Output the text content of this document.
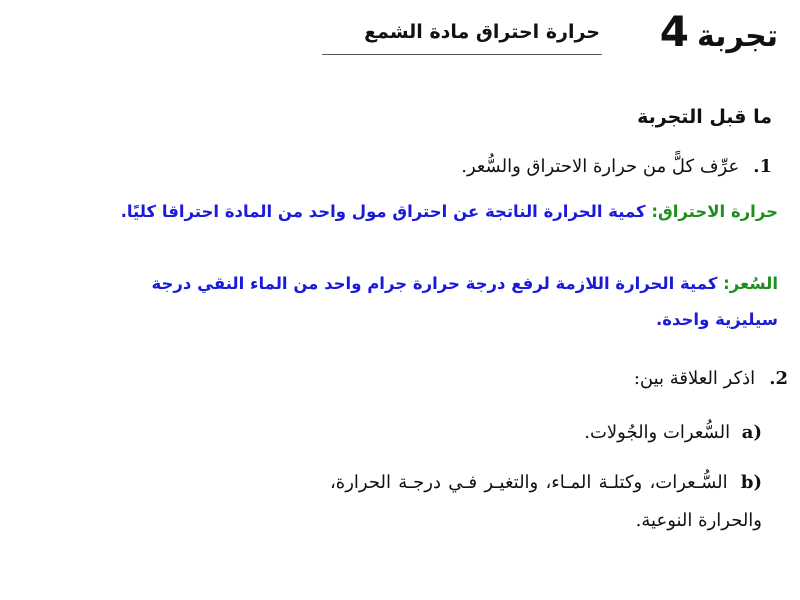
تجربة4
حرارة احتراق مادة الشمع
ما قبل التجربة
1.عرِّف كلًّ من حرارة الاحتراق والسُّعر.
حرارة الاحتراق: كمية الحرارة الناتجة عن احتراق مول واحد من المادة احتراقا كليًا.
السُعر: كمية الحرارة اللازمة لرفع درجة حرارة جرام واحد من الماء النقي درجة سيليزية واحدة.
2.اذكر العلاقة بين:
(a السُّعرات والجُولات.
(b السُّـعرات، وكتلـة المـاء، والتغيـر فـي درجـة الحرارة، والحرارة النوعية.
